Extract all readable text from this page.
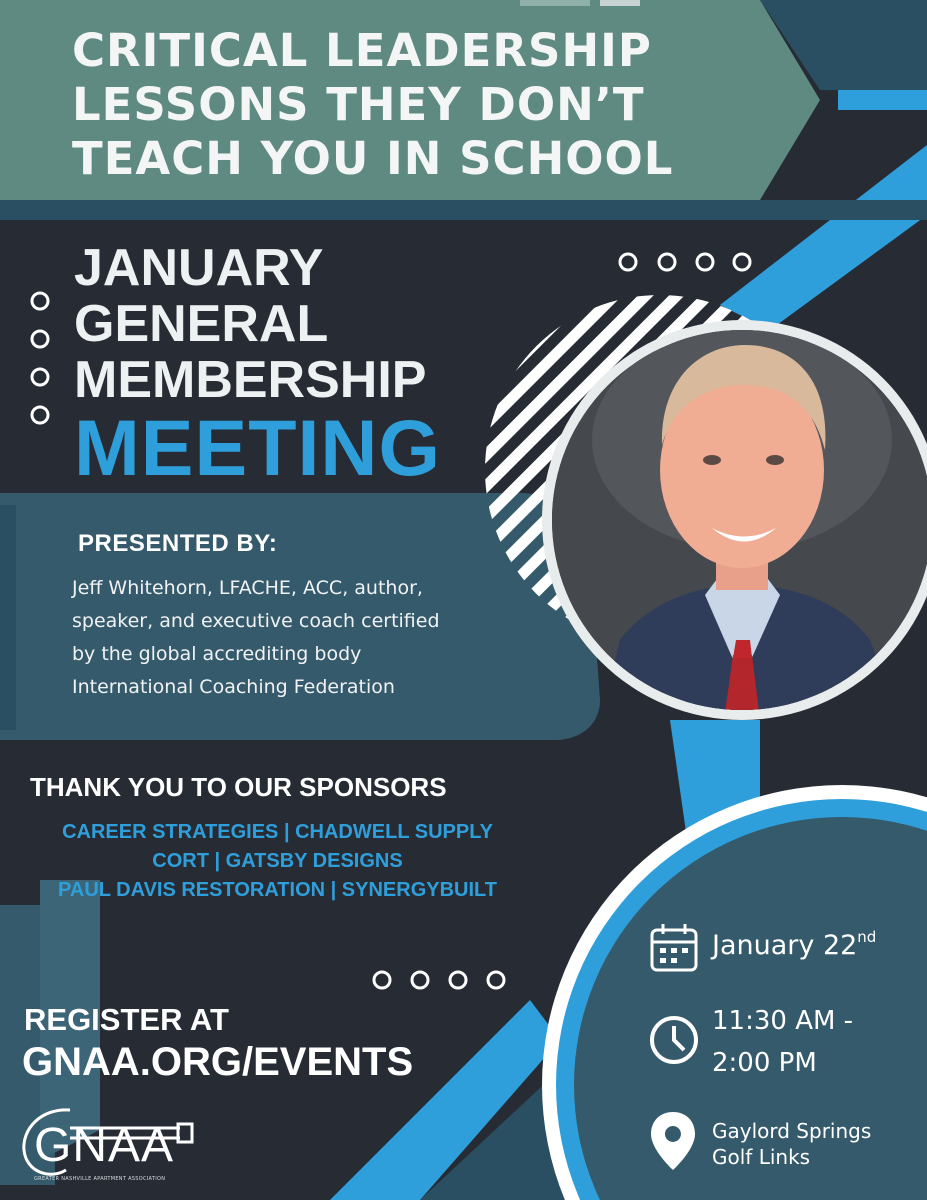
CRITICAL LEADERSHIP
LESSONS THEY DON’T
TEACH YOU IN SCHOOL
JANUARY
GENERAL
MEMBERSHIP
MEETING
PRESENTED BY:
Jeff Whitehorn, LFACHE, ACC, author,
speaker, and executive coach certified
by the global accrediting body
International Coaching Federation
THANK YOU TO OUR SPONSORS
CAREER STRATEGIES | CHADWELL SUPPLY
CORT | GATSBY DESIGNS
PAUL DAVIS RESTORATION | SYNERGYBUILT
REGISTER AT
GNAA.ORG/EVENTS
January 22nd
11:30 AM -
2:00 PM
Gaylord Springs
Golf Links
GNAA
GREATER NASHVILLE APARTMENT ASSOCIATION
